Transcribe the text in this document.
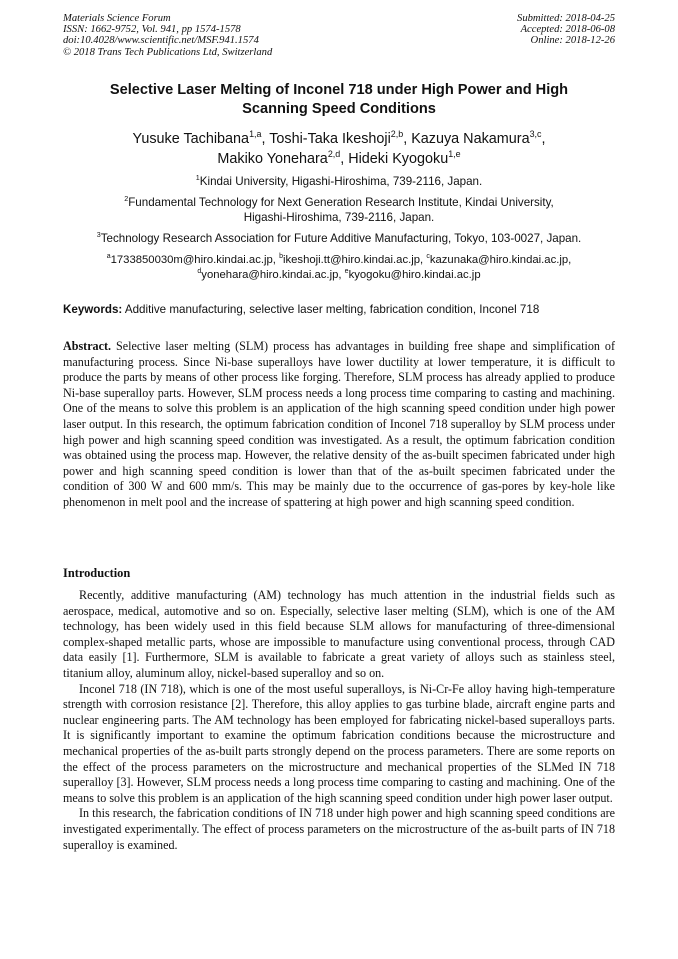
Materials Science Forum
ISSN: 1662-9752, Vol. 941, pp 1574-1578
doi:10.4028/www.scientific.net/MSF.941.1574
© 2018 Trans Tech Publications Ltd, Switzerland
Submitted: 2018-04-25
Accepted: 2018-06-08
Online: 2018-12-26
Selective Laser Melting of Inconel 718 under High Power and High
Scanning Speed Conditions
Yusuke Tachibana$^{1,a}$, Toshi-Taka Ikeshoji$^{2,b}$, Kazuya Nakamura$^{3,c}$,
Makiko Yonehara$^{2,d}$, Hideki Kyogoku$^{1,e}$
$^1$Kindai University, Higashi-Hiroshima, 739-2116, Japan.
$^2$Fundamental Technology for Next Generation Research Institute, Kindai University,
Higashi-Hiroshima, 739-2116, Japan.
$^3$Technology Research Association for Future Additive Manufacturing, Tokyo, 103-0027, Japan.
$^a$1733850030m@hiro.kindai.ac.jp, $^b$ikeshoji.tt@hiro.kindai.ac.jp, $^c$kazunaka@hiro.kindai.ac.jp,
$^d$yonehara@hiro.kindai.ac.jp, $^e$kyogoku@hiro.kindai.ac.jp
Keywords: Additive manufacturing, selective laser melting, fabrication condition, Inconel 718
Abstract. Selective laser melting (SLM) process has advantages in building free shape and simplification of manufacturing process. Since Ni-base superalloys have lower ductility at lower temperature, it is difficult to produce the parts by means of other process like forging. Therefore, SLM process has already applied to produce Ni-base superalloy parts. However, SLM process needs a long process time comparing to casting and machining. One of the means to solve this problem is an application of the high scanning speed condition under high power laser output. In this research, the optimum fabrication condition of Inconel 718 superalloy by SLM process under high power and high scanning speed condition was investigated. As a result, the optimum fabrication condition was obtained using the process map. However, the relative density of the as-built specimen fabricated under high power and high scanning speed condition is lower than that of the as-built specimen fabricated under the condition of 300 W and 600 mm/s. This may be mainly due to the occurrence of gas-pores by key-hole like phenomenon in melt pool and the increase of spattering at high power and high scanning speed condition.
Introduction

Recently, additive manufacturing (AM) technology has much attention in the industrial fields such as aerospace, medical, automotive and so on. Especially, selective laser melting (SLM), which is one of the AM technology, has been widely used in this field because SLM allows for manufacturing of three-dimensional complex-shaped metallic parts, whose are impossible to manufacture using conventional process, through CAD data easily [1]. Furthermore, SLM is available to fabricate a great variety of alloys such as stainless steel, titanium alloy, aluminum alloy, nickel-based superalloy and so on.

Inconel 718 (IN 718), which is one of the most useful superalloys, is Ni-Cr-Fe alloy having high-temperature strength with corrosion resistance [2]. Therefore, this alloy applies to gas turbine blade, aircraft engine parts and nuclear engineering parts. The AM technology has been employed for fabricating nickel-based superalloys parts. It is significantly important to examine the optimum fabrication conditions because the microstructure and mechanical properties of the as-built parts strongly depend on the process parameters. There are some reports on the effect of the process parameters on the microstructure and mechanical properties of the SLMed IN 718 superalloy [3]. However, SLM process needs a long process time comparing to casting and machining. One of the means to solve this problem is an application of the high scanning speed condition under high power laser output.

In this research, the fabrication conditions of IN 718 under high power and high scanning speed conditions are investigated experimentally. The effect of process parameters on the microstructure of the as-built parts of IN 718 superalloy is examined.
